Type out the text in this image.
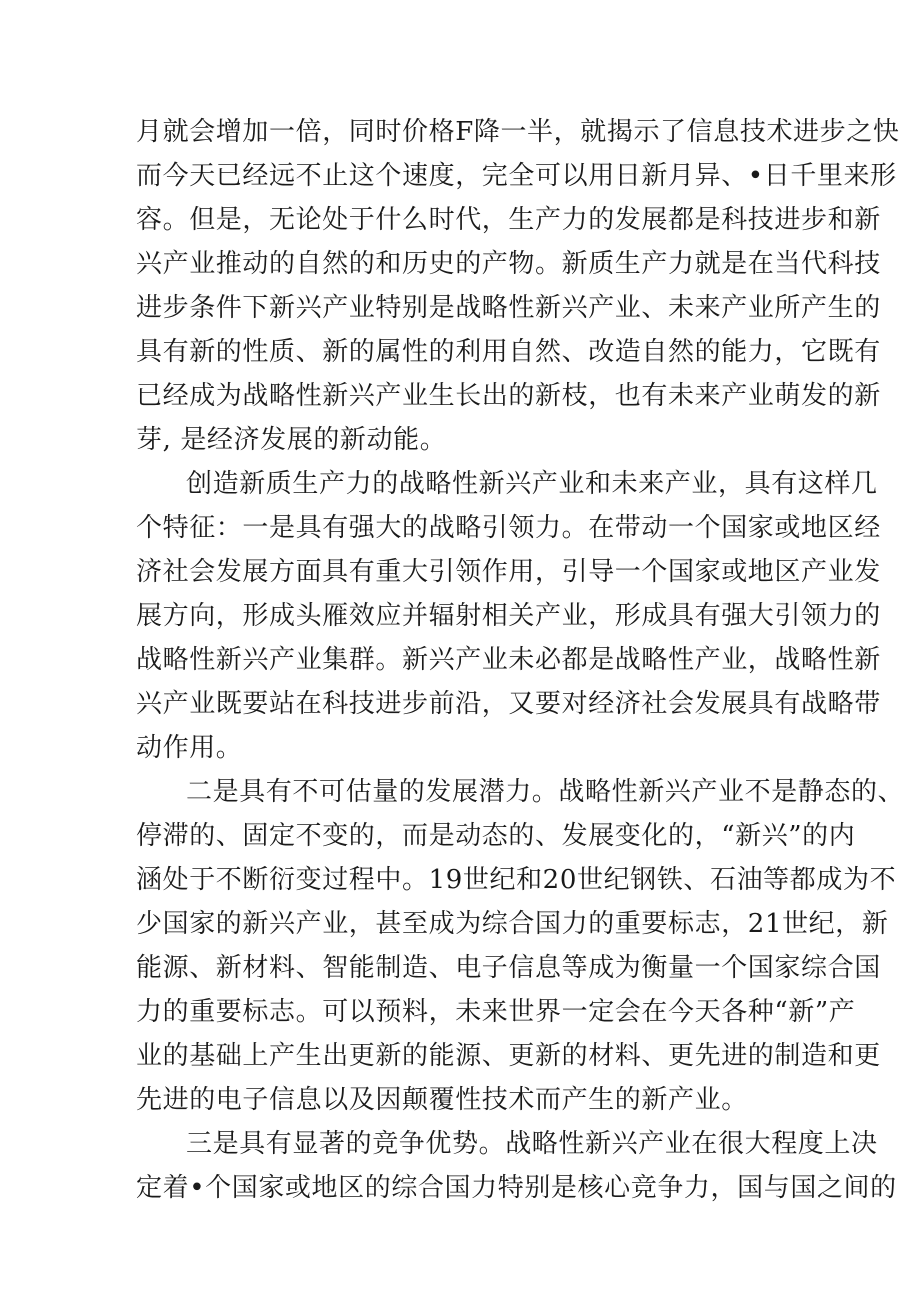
月就会增加一倍，同时价格F降一半，就揭示了信息技术进步之快
而今天已经远不止这个速度，完全可以用日新月异、•日千里来形
容。但是，无论处于什么时代，生产力的发展都是科技进步和新
兴产业推动的自然的和历史的产物。新质生产力就是在当代科技
进步条件下新兴产业特别是战略性新兴产业、未来产业所产生的
具有新的性质、新的属性的利用自然、改造自然的能力，它既有
已经成为战略性新兴产业生长出的新枝，也有未来产业萌发的新
芽, 是经济发展的新动能。
创造新质生产力的战略性新兴产业和未来产业，具有这样几
个特征：一是具有强大的战略引领力。在带动一个国家或地区经
济社会发展方面具有重大引领作用，引导一个国家或地区产业发
展方向，形成头雁效应并辐射相关产业，形成具有强大引领力的
战略性新兴产业集群。新兴产业未必都是战略性产业，战略性新
兴产业既要站在科技进步前沿，又要对经济社会发展具有战略带
动作用。
二是具有不可估量的发展潜力。战略性新兴产业不是静态的、
停滞的、固定不变的，而是动态的、发展变化的，“新兴”的内
涵处于不断衍变过程中。19世纪和20世纪钢铁、石油等都成为不
少国家的新兴产业，甚至成为综合国力的重要标志，21世纪，新
能源、新材料、智能制造、电子信息等成为衡量一个国家综合国
力的重要标志。可以预料，未来世界一定会在今天各种“新”产
业的基础上产生出更新的能源、更新的材料、更先进的制造和更
先进的电子信息以及因颠覆性技术而产生的新产业。
三是具有显著的竞争优势。战略性新兴产业在很大程度上决
定着•个国家或地区的综合国力特别是核心竞争力，国与国之间的
